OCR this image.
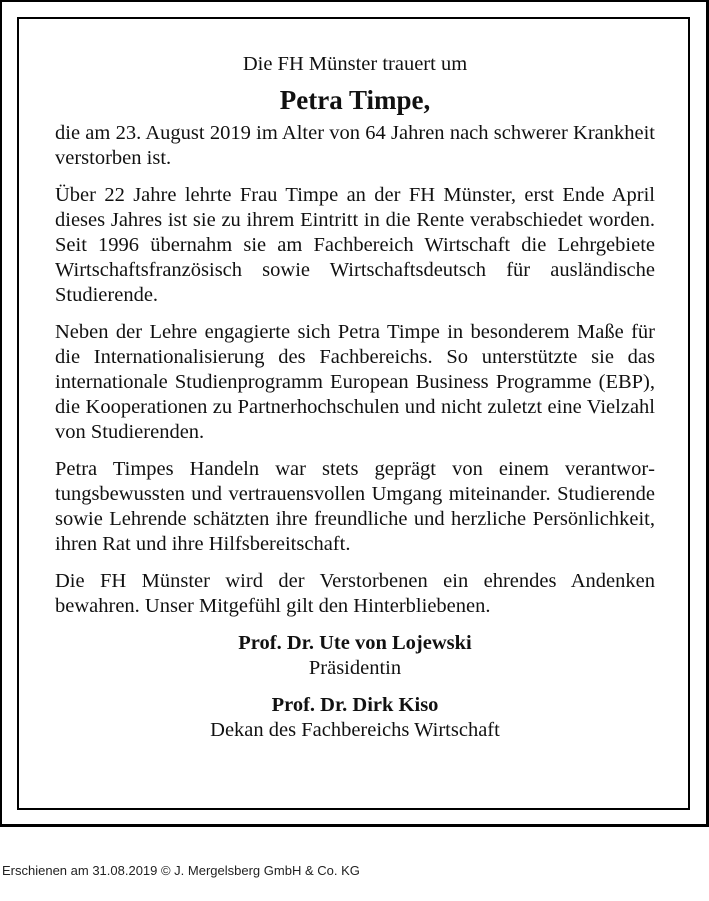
Die FH Münster trauert um

Petra Timpe,

die am 23. August 2019 im Alter von 64 Jahren nach schwerer Krankheit verstorben ist.

Über 22 Jahre lehrte Frau Timpe an der FH Münster, erst Ende April dieses Jahres ist sie zu ihrem Eintritt in die Rente verabschiedet worden. Seit 1996 übernahm sie am Fachbereich Wirtschaft die Lehrgebiete Wirtschaftsfranzösisch sowie Wirtschaftsdeutsch für ausländische Studierende.

Neben der Lehre engagierte sich Petra Timpe in besonderem Maße für die Internationalisierung des Fachbereichs. So unterstützte sie das internationale Studienprogramm European Business Programme (EBP), die Kooperationen zu Partnerhochschulen und nicht zuletzt eine Vielzahl von Studierenden.

Petra Timpes Handeln war stets geprägt von einem verantwortungsbewussten und vertrauensvollen Umgang miteinander. Studierende sowie Lehrende schätzten ihre freundliche und herzliche Persönlichkeit, ihren Rat und ihre Hilfsbereitschaft.

Die FH Münster wird der Verstorbenen ein ehrendes Andenken bewahren. Unser Mitgefühl gilt den Hinterbliebenen.

Prof. Dr. Ute von Lojewski
Präsidentin
Prof. Dr. Dirk Kiso
Dekan des Fachbereichs Wirtschaft
Erschienen am 31.08.2019 © J. Mergelsberg GmbH & Co. KG
